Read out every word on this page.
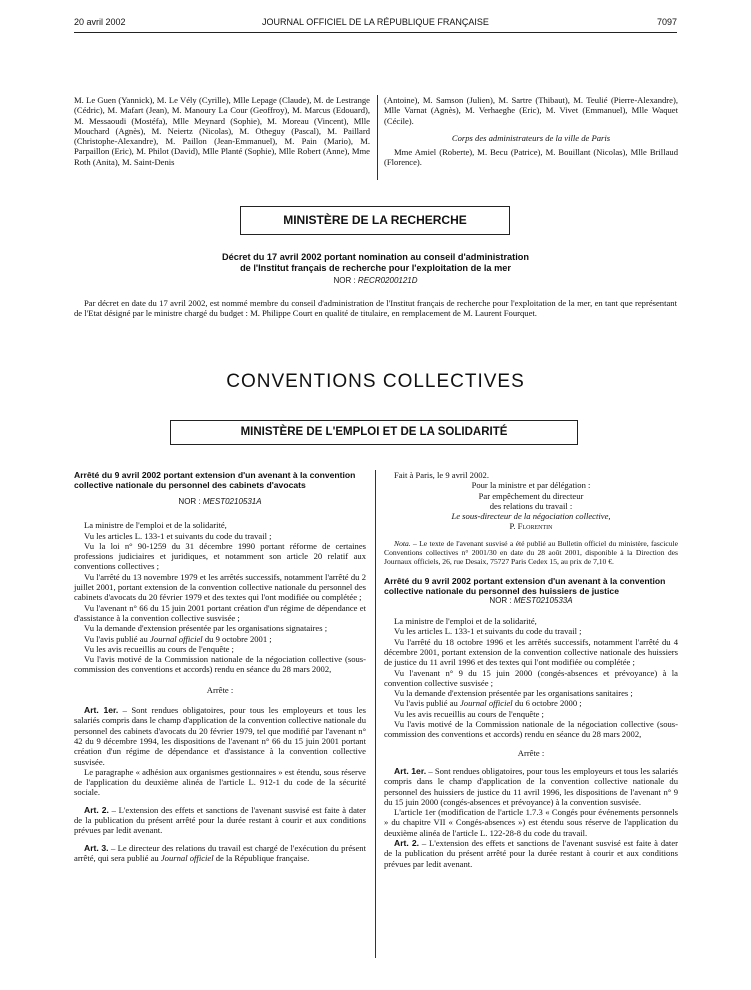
20 avril 2002	JOURNAL OFFICIEL DE LA RÉPUBLIQUE FRANÇAISE	7097

M. Le Guen (Yannick), M. Le Vély (Cyrille), Mlle Lepage (Claude), M. de Lestrange (Cédric), M. Mafart (Jean), M. Manoury La Cour (Geoffroy), M. Marcus (Edouard), M. Messaoudi (Mostéfa), Mlle Meynard (Sophie), M. Moreau (Vincent), Mlle Mouchard (Agnès), M. Neiertz (Nicolas), M. Otheguy (Pascal), M. Paillard (Christophe-Alexandre), M. Paillon (Jean-Emmanuel), M. Pain (Mario), M. Parpaillon (Eric), M. Philot (David), Mlle Planté (Sophie), Mlle Robert (Anne), Mme Roth (Anita), M. Saint-Denis

(Antoine), M. Samson (Julien), M. Sartre (Thibaut), M. Teulié (Pierre-Alexandre), Mlle Varnat (Agnès), M. Verhaeghe (Eric), M. Vivet (Emmanuel), Mlle Waquet (Cécile).

Corps des administrateurs de la ville de Paris

Mme Amiel (Roberte), M. Becu (Patrice), M. Bouillant (Nicolas), Mlle Brillaud (Florence).

MINISTÈRE DE LA RECHERCHE
Décret du 17 avril 2002 portant nomination au conseil d'administration
de l'Institut français de recherche pour l'exploitation de la mer
NOR : RECR0200121D

Par décret en date du 17 avril 2002, est nommé membre du conseil d'administration de l'Institut français de recherche pour l'exploitation de la mer, en tant que représentant de l'Etat désigné par le ministre chargé du budget : M. Philippe Court en qualité de titulaire, en remplacement de M. Laurent Fourquet.

CONVENTIONS COLLECTIVES
MINISTÈRE DE L'EMPLOI ET DE LA SOLIDARITÉ

Arrêté du 9 avril 2002 portant extension d'un avenant à la convention collective nationale du personnel des cabinets d'avocats

NOR : MEST0210531A

La ministre de l'emploi et de la solidarité,

Vu les articles L. 133-1 et suivants du code du travail ;

Vu la loi n° 90-1259 du 31 décembre 1990 portant réforme de certaines professions judiciaires et juridiques, et notamment son article 20 relatif aux conventions collectives ;

Vu l'arrêté du 13 novembre 1979 et les arrêtés successifs, notamment l'arrêté du 2 juillet 2001, portant extension de la convention collective nationale du personnel des cabinets d'avocats du 20 février 1979 et des textes qui l'ont modifiée ou complétée ;

Vu l'avenant n° 66 du 15 juin 2001 portant création d'un régime de dépendance et d'assistance à la convention collective susvisée ;

Vu la demande d'extension présentée par les organisations signataires ;

Vu l'avis publié au Journal officiel du 9 octobre 2001 ;

Vu les avis recueillis au cours de l'enquête ;

Vu l'avis motivé de la Commission nationale de la négociation collective (sous-commission des conventions et accords) rendu en séance du 28 mars 2002,

Arrête :

Art. 1er. – Sont rendues obligatoires, pour tous les employeurs et tous les salariés compris dans le champ d'application de la convention collective nationale du personnel des cabinets d'avocats du 20 février 1979, tel que modifié par l'avenant n° 42 du 9 décembre 1994, les dispositions de l'avenant n° 66 du 15 juin 2001 portant création d'un régime de dépendance et d'assistance à la convention collective susvisée.

Le paragraphe « adhésion aux organismes gestionnaires » est étendu, sous réserve de l'application du deuxième alinéa de l'article L. 912-1 du code de la sécurité sociale.

Art. 2. – L'extension des effets et sanctions de l'avenant susvisé est faite à dater de la publication du présent arrêté pour la durée restant à courir et aux conditions prévues par ledit avenant.

Art. 3. – Le directeur des relations du travail est chargé de l'exécution du présent arrêté, qui sera publié au Journal officiel de la République française.

Fait à Paris, le 9 avril 2002.

Pour la ministre et par délégation :

Par empêchement du directeur

des relations du travail :

Le sous-directeur de la négociation collective,

P. Florentin

Nota. – Le texte de l'avenant susvisé a été publié au Bulletin officiel du ministère, fascicule Conventions collectives n° 2001/30 en date du 28 août 2001, disponible à la Direction des Journaux officiels, 26, rue Desaix, 75727 Paris Cedex 15, au prix de 7,10 €.

Arrêté du 9 avril 2002 portant extension d'un avenant à la convention collective nationale du personnel des huissiers de justice

NOR : MEST0210533A

La ministre de l'emploi et de la solidarité,

Vu les articles L. 133-1 et suivants du code du travail ;

Vu l'arrêté du 18 octobre 1996 et les arrêtés successifs, notamment l'arrêté du 4 décembre 2001, portant extension de la convention collective nationale des huissiers de justice du 11 avril 1996 et des textes qui l'ont modifiée ou complétée ;

Vu l'avenant n° 9 du 15 juin 2000 (congés-absences et prévoyance) à la convention collective susvisée ;

Vu la demande d'extension présentée par les organisations sanitaires ;

Vu l'avis publié au Journal officiel du 6 octobre 2000 ;

Vu les avis recueillis au cours de l'enquête ;

Vu l'avis motivé de la Commission nationale de la négociation collective (sous-commission des conventions et accords) rendu en séance du 28 mars 2002,

Arrête :

Art. 1er. – Sont rendues obligatoires, pour tous les employeurs et tous les salariés compris dans le champ d'application de la convention collective nationale du personnel des huissiers de justice du 11 avril 1996, les dispositions de l'avenant n° 9 du 15 juin 2000 (congés-absences et prévoyance) à la convention susvisée.

L'article 1er (modification de l'article 1.7.3 « Congés pour événements personnels » du chapitre VII « Congés-absences ») est étendu sous réserve de l'application du deuxième alinéa de l'article L. 122-28-8 du code du travail.

Art. 2. – L'extension des effets et sanctions de l'avenant susvisé est faite à dater de la publication du présent arrêté pour la durée restant à courir et aux conditions prévues par ledit avenant.
